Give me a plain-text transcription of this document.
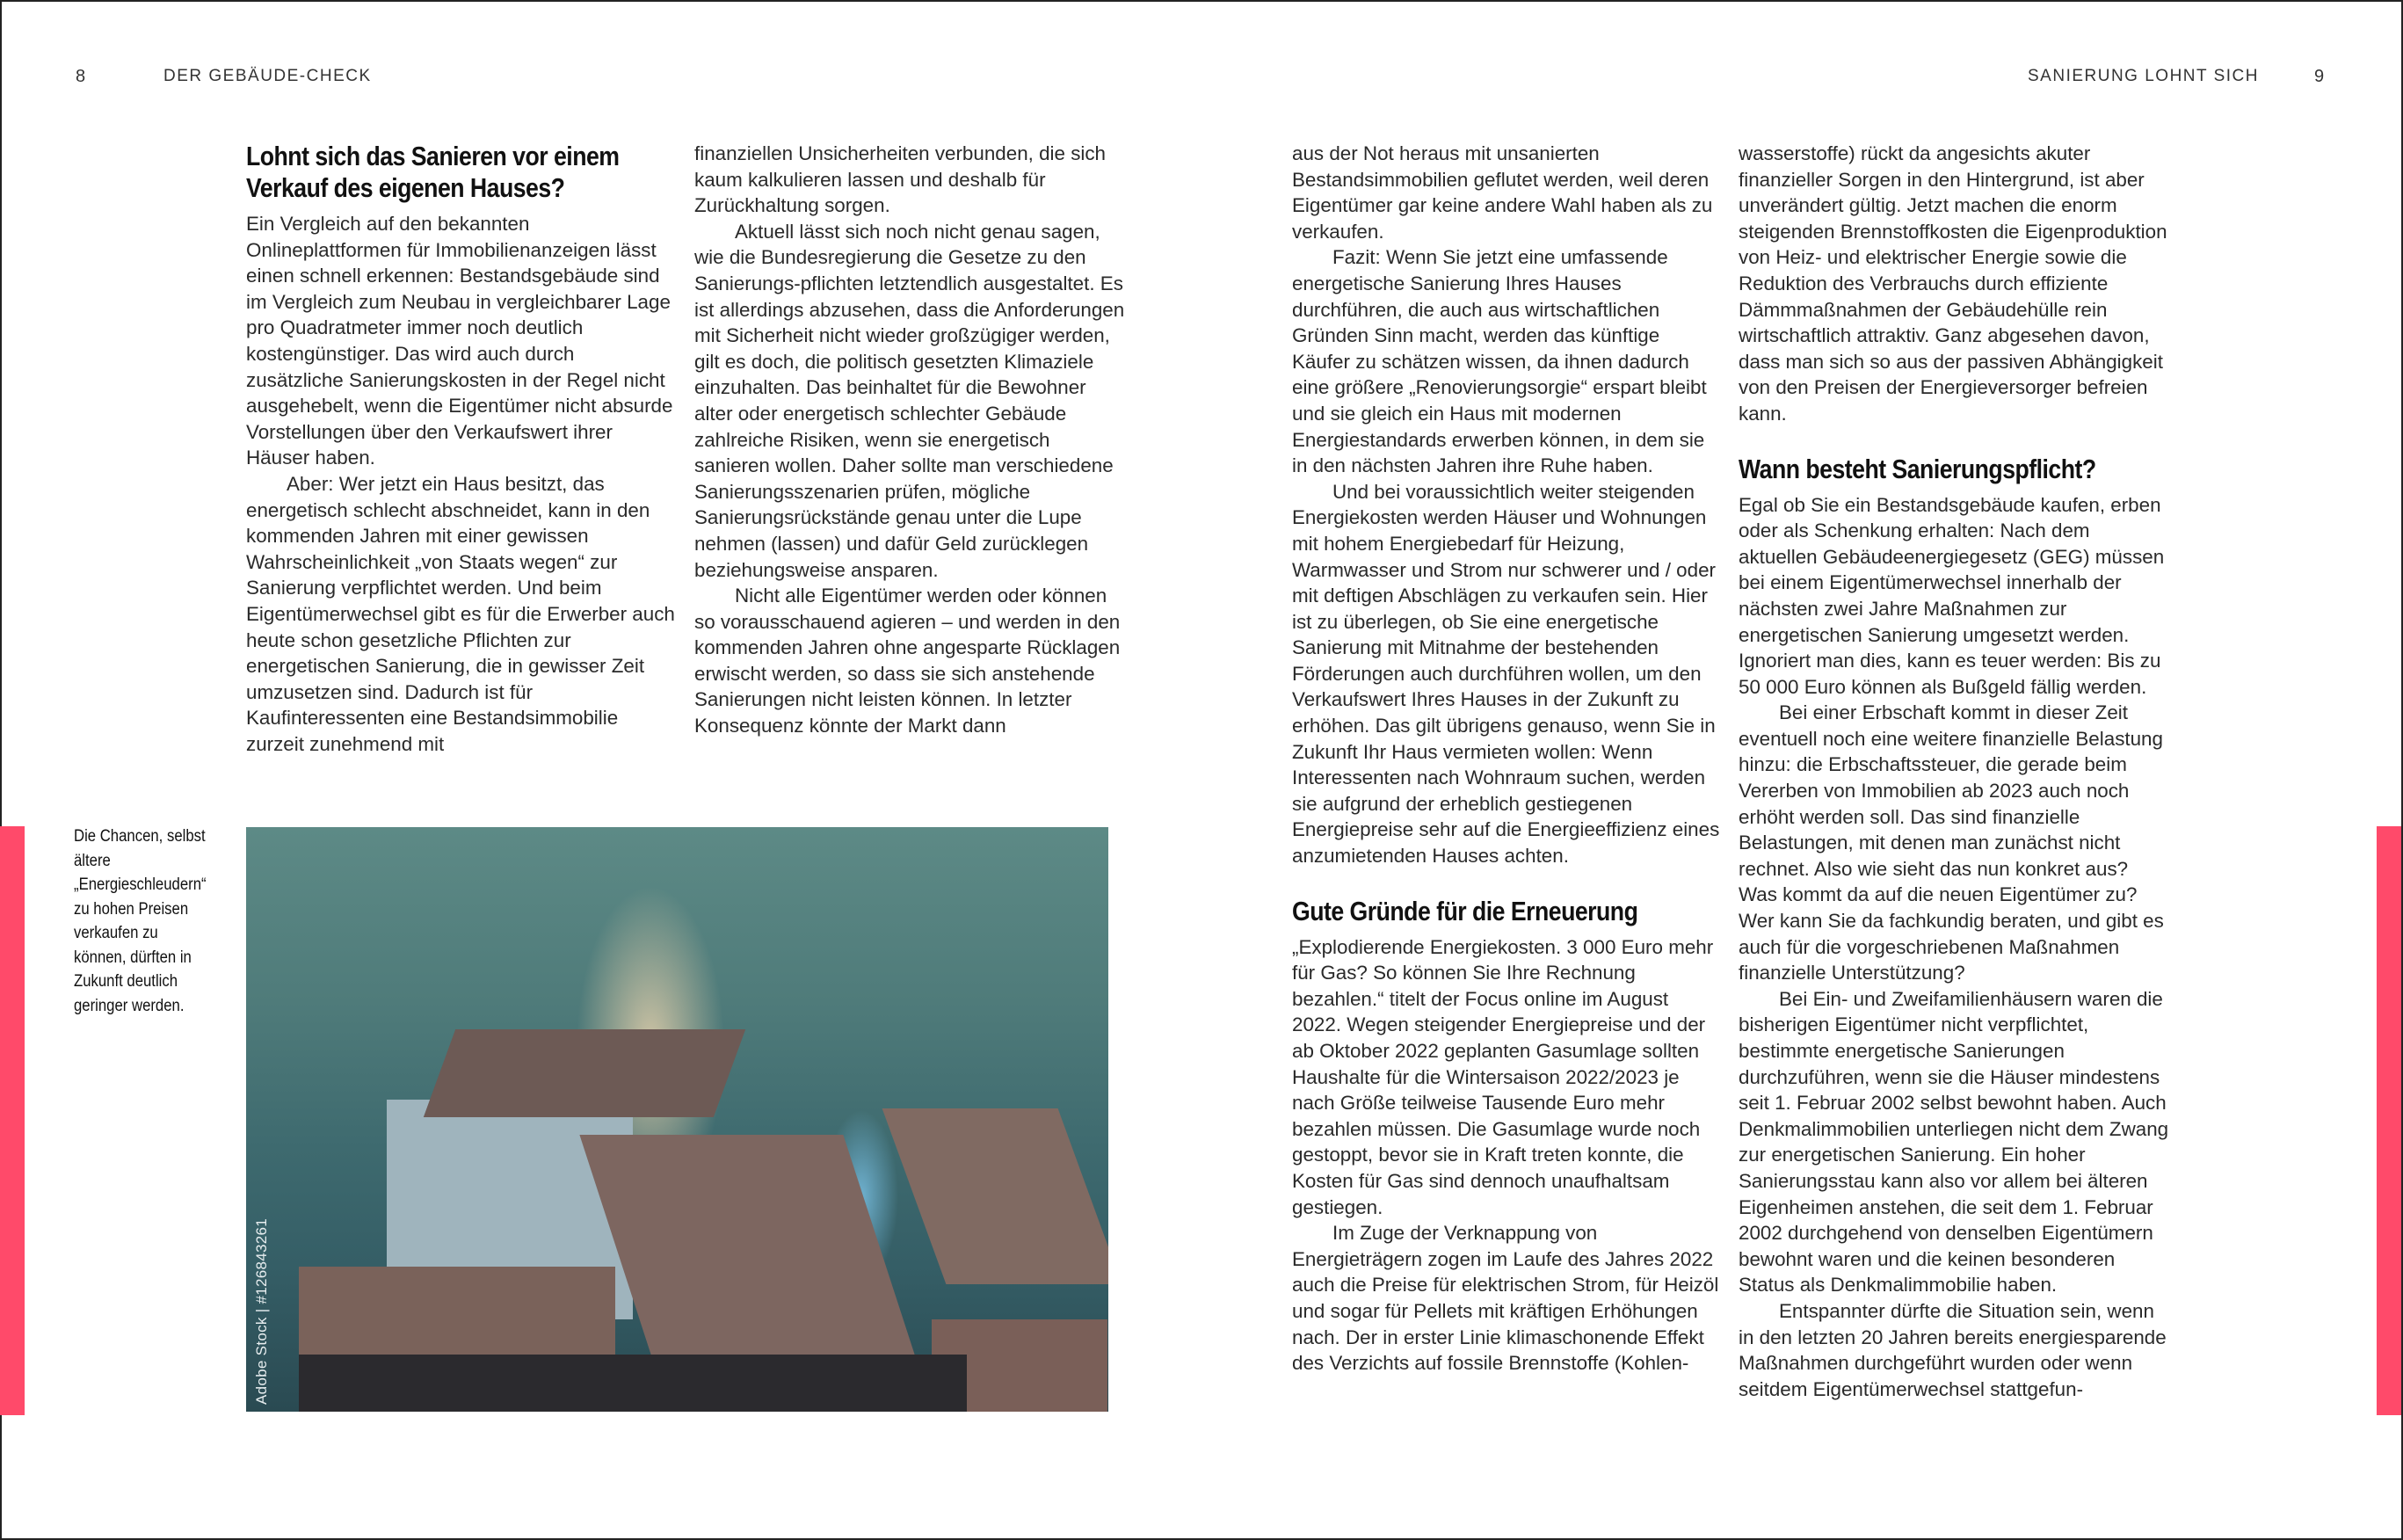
8	DER GEBÄUDE-CHECK
Lohnt sich das Sanieren vor einem Verkauf des eigenen Hauses?

Ein Vergleich auf den bekannten Onlineplattformen für Immobilienanzeigen lässt einen schnell erkennen: Bestandsgebäude sind im Vergleich zum Neubau in vergleichbarer Lage pro Quadratmeter immer noch deutlich kostengünstiger. Das wird auch durch zusätzliche Sanierungskosten in der Regel nicht ausgehebelt, wenn die Eigentümer nicht absurde Vorstellungen über den Verkaufswert ihrer Häuser haben.

Aber: Wer jetzt ein Haus besitzt, das energetisch schlecht abschneidet, kann in den kommenden Jahren mit einer gewissen Wahrscheinlichkeit „von Staats wegen“ zur Sanierung verpflichtet werden. Und beim Eigentümerwechsel gibt es für die Erwerber auch heute schon gesetzliche Pflichten zur energetischen Sanierung, die in gewisser Zeit umzusetzen sind. Dadurch ist für Kaufinteressenten eine Bestandsimmobilie zurzeit zunehmend mit

finanziellen Unsicherheiten verbunden, die sich kaum kalkulieren lassen und deshalb für Zurückhaltung sorgen.

Aktuell lässt sich noch nicht genau sagen, wie die Bundesregierung die Gesetze zu den Sanierungs-pflichten letztendlich ausgestaltet. Es ist allerdings abzusehen, dass die Anforderungen mit Sicherheit nicht wieder großzügiger werden, gilt es doch, die politisch gesetzten Klimaziele einzuhalten. Das beinhaltet für die Bewohner alter oder energetisch schlechter Gebäude zahlreiche Risiken, wenn sie energetisch sanieren wollen. Daher sollte man verschiedene Sanierungsszenarien prüfen, mögliche Sanierungsrückstände genau unter die Lupe nehmen (lassen) und dafür Geld zurücklegen beziehungsweise ansparen.

Nicht alle Eigentümer werden oder können so vorausschauend agieren – und werden in den kommenden Jahren ohne angesparte Rücklagen erwischt werden, so dass sie sich anstehende Sanierungen nicht leisten können. In letzter Konsequenz könnte der Markt dann

Die Chancen, selbst ältere „Energieschleudern“ zu hohen Preisen verkaufen zu können, dürften in Zukunft deutlich geringer werden.
Adobe Stock | #126843261
SANIERUNG LOHNT SICH	9

aus der Not heraus mit unsanierten Bestandsimmobilien geflutet werden, weil deren Eigentümer gar keine andere Wahl haben als zu verkaufen.

Fazit: Wenn Sie jetzt eine umfassende energetische Sanierung Ihres Hauses durchführen, die auch aus wirtschaftlichen Gründen Sinn macht, werden das künftige Käufer zu schätzen wissen, da ihnen dadurch eine größere „Renovierungsorgie“ erspart bleibt und sie gleich ein Haus mit modernen Energiestandards erwerben können, in dem sie in den nächsten Jahren ihre Ruhe haben.

Und bei voraussichtlich weiter steigenden Energiekosten werden Häuser und Wohnungen mit hohem Energiebedarf für Heizung, Warmwasser und Strom nur schwerer und / oder mit deftigen Abschlägen zu verkaufen sein. Hier ist zu überlegen, ob Sie eine energetische Sanierung mit Mitnahme der bestehenden Förderungen auch durchführen wollen, um den Verkaufswert Ihres Hauses in der Zukunft zu erhöhen. Das gilt übrigens genauso, wenn Sie in Zukunft Ihr Haus vermieten wollen: Wenn Interessenten nach Wohnraum suchen, werden sie aufgrund der erheblich gestiegenen Energiepreise sehr auf die Energieeffizienz eines anzumietenden Hauses achten.

Gute Gründe für die Erneuerung

„Explodierende Energiekosten. 3 000 Euro mehr für Gas? So können Sie Ihre Rechnung bezahlen.“ titelt der Focus online im August 2022. Wegen steigender Energiepreise und der ab Oktober 2022 geplanten Gasumlage sollten Haushalte für die Wintersaison 2022/2023 je nach Größe teilweise Tausende Euro mehr bezahlen müssen. Die Gasumlage wurde noch gestoppt, bevor sie in Kraft treten konnte, die Kosten für Gas sind dennoch unaufhaltsam gestiegen.

Im Zuge der Verknappung von Energieträgern zogen im Laufe des Jahres 2022 auch die Preise für elektrischen Strom, für Heizöl und sogar für Pellets mit kräftigen Erhöhungen nach. Der in erster Linie klimaschonende Effekt des Verzichts auf fossile Brennstoffe (Kohlen-

wasserstoffe) rückt da angesichts akuter finanzieller Sorgen in den Hintergrund, ist aber unverändert gültig. Jetzt machen die enorm steigenden Brennstoffkosten die Eigenproduktion von Heiz- und elektrischer Energie sowie die Reduktion des Verbrauchs durch effiziente Dämmmaßnahmen der Gebäudehülle rein wirtschaftlich attraktiv. Ganz abgesehen davon, dass man sich so aus der passiven Abhängigkeit von den Preisen der Energieversorger befreien kann.

Wann besteht Sanierungspflicht?

Egal ob Sie ein Bestandsgebäude kaufen, erben oder als Schenkung erhalten: Nach dem aktuellen Gebäudeenergiegesetz (GEG) müssen bei einem Eigentümerwechsel innerhalb der nächsten zwei Jahre Maßnahmen zur energetischen Sanierung umgesetzt werden. Ignoriert man dies, kann es teuer werden: Bis zu 50 000 Euro können als Bußgeld fällig werden.

Bei einer Erbschaft kommt in dieser Zeit eventuell noch eine weitere finanzielle Belastung hinzu: die Erbschaftssteuer, die gerade beim Vererben von Immobilien ab 2023 auch noch erhöht werden soll. Das sind finanzielle Belastungen, mit denen man zunächst nicht rechnet. Also wie sieht das nun konkret aus? Was kommt da auf die neuen Eigentümer zu? Wer kann Sie da fachkundig beraten, und gibt es auch für die vorgeschriebenen Maßnahmen finanzielle Unterstützung?

Bei Ein- und Zweifamilienhäusern waren die bisherigen Eigentümer nicht verpflichtet, bestimmte energetische Sanierungen durchzuführen, wenn sie die Häuser mindestens seit 1. Februar 2002 selbst bewohnt haben. Auch Denkmalimmobilien unterliegen nicht dem Zwang zur energetischen Sanierung. Ein hoher Sanierungsstau kann also vor allem bei älteren Eigenheimen anstehen, die seit dem 1. Februar 2002 durchgehend von denselben Eigentümern bewohnt waren und die keinen besonderen Status als Denkmalimmobilie haben.

Entspannter dürfte die Situation sein, wenn in den letzten 20 Jahren bereits energiesparende Maßnahmen durchgeführt wurden oder wenn seitdem Eigentümerwechsel stattgefun-
